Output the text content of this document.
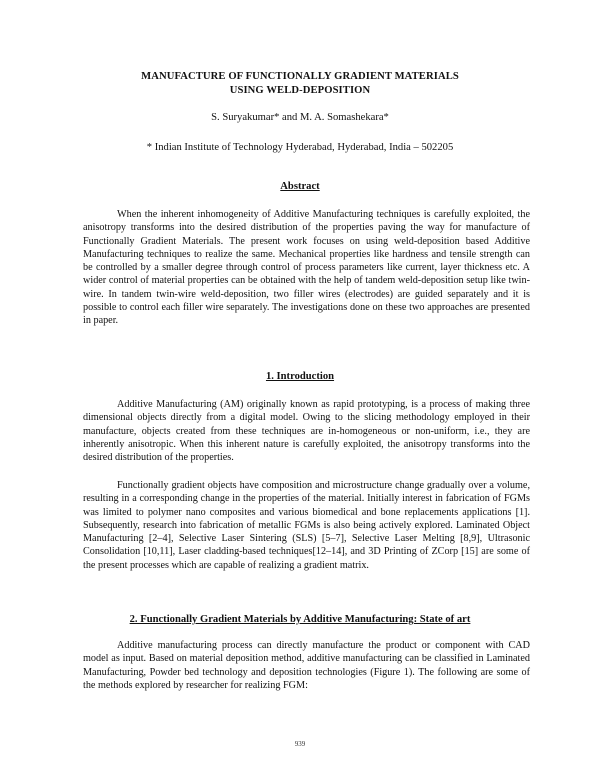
MANUFACTURE OF FUNCTIONALLY GRADIENT MATERIALS
USING WELD-DEPOSITION
S. Suryakumar* and M. A. Somashekara*
* Indian Institute of Technology Hyderabad, Hyderabad, India – 502205
Abstract

When the inherent inhomogeneity of Additive Manufacturing techniques is carefully exploited, the anisotropy transforms into the desired distribution of the properties paving the way for manufacture of Functionally Gradient Materials. The present work focuses on using weld-deposition based Additive Manufacturing techniques to realize the same. Mechanical properties like hardness and tensile strength can be controlled by a smaller degree through control of process parameters like current, layer thickness etc. A wider control of material properties can be obtained with the help of tandem weld-deposition setup like twin-wire. In tandem twin-wire weld-deposition, two filler wires (electrodes) are guided separately and it is possible to control each filler wire separately. The investigations done on these two approaches are presented in paper.

1. Introduction

Additive Manufacturing (AM) originally known as rapid prototyping, is a process of making three dimensional objects directly from a digital model. Owing to the slicing methodology employed in their manufacture, objects created from these techniques are in-homogeneous or non-uniform, i.e., they are inherently anisotropic. When this inherent nature is carefully exploited, the anisotropy transforms into the desired distribution of the properties.

Functionally gradient objects have composition and microstructure change gradually over a volume, resulting in a corresponding change in the properties of the material. Initially interest in fabrication of FGMs was limited to polymer nano composites and various biomedical and bone replacements applications [1]. Subsequently, research into fabrication of metallic FGMs is also being actively explored. Laminated Object Manufacturing [2–4], Selective Laser Sintering (SLS) [5–7], Selective Laser Melting [8,9], Ultrasonic Consolidation [10,11], Laser cladding-based techniques[12–14], and 3D Printing of ZCorp [15] are some of the present processes which are capable of realizing a gradient matrix.

2. Functionally Gradient Materials by Additive Manufacturing: State of art

Additive manufacturing process can directly manufacture the product or component with CAD model as input. Based on material deposition method, additive manufacturing can be classified in Laminated Manufacturing, Powder bed technology and deposition technologies (Figure 1). The following are some of the methods explored by researcher for realizing FGM:

939
